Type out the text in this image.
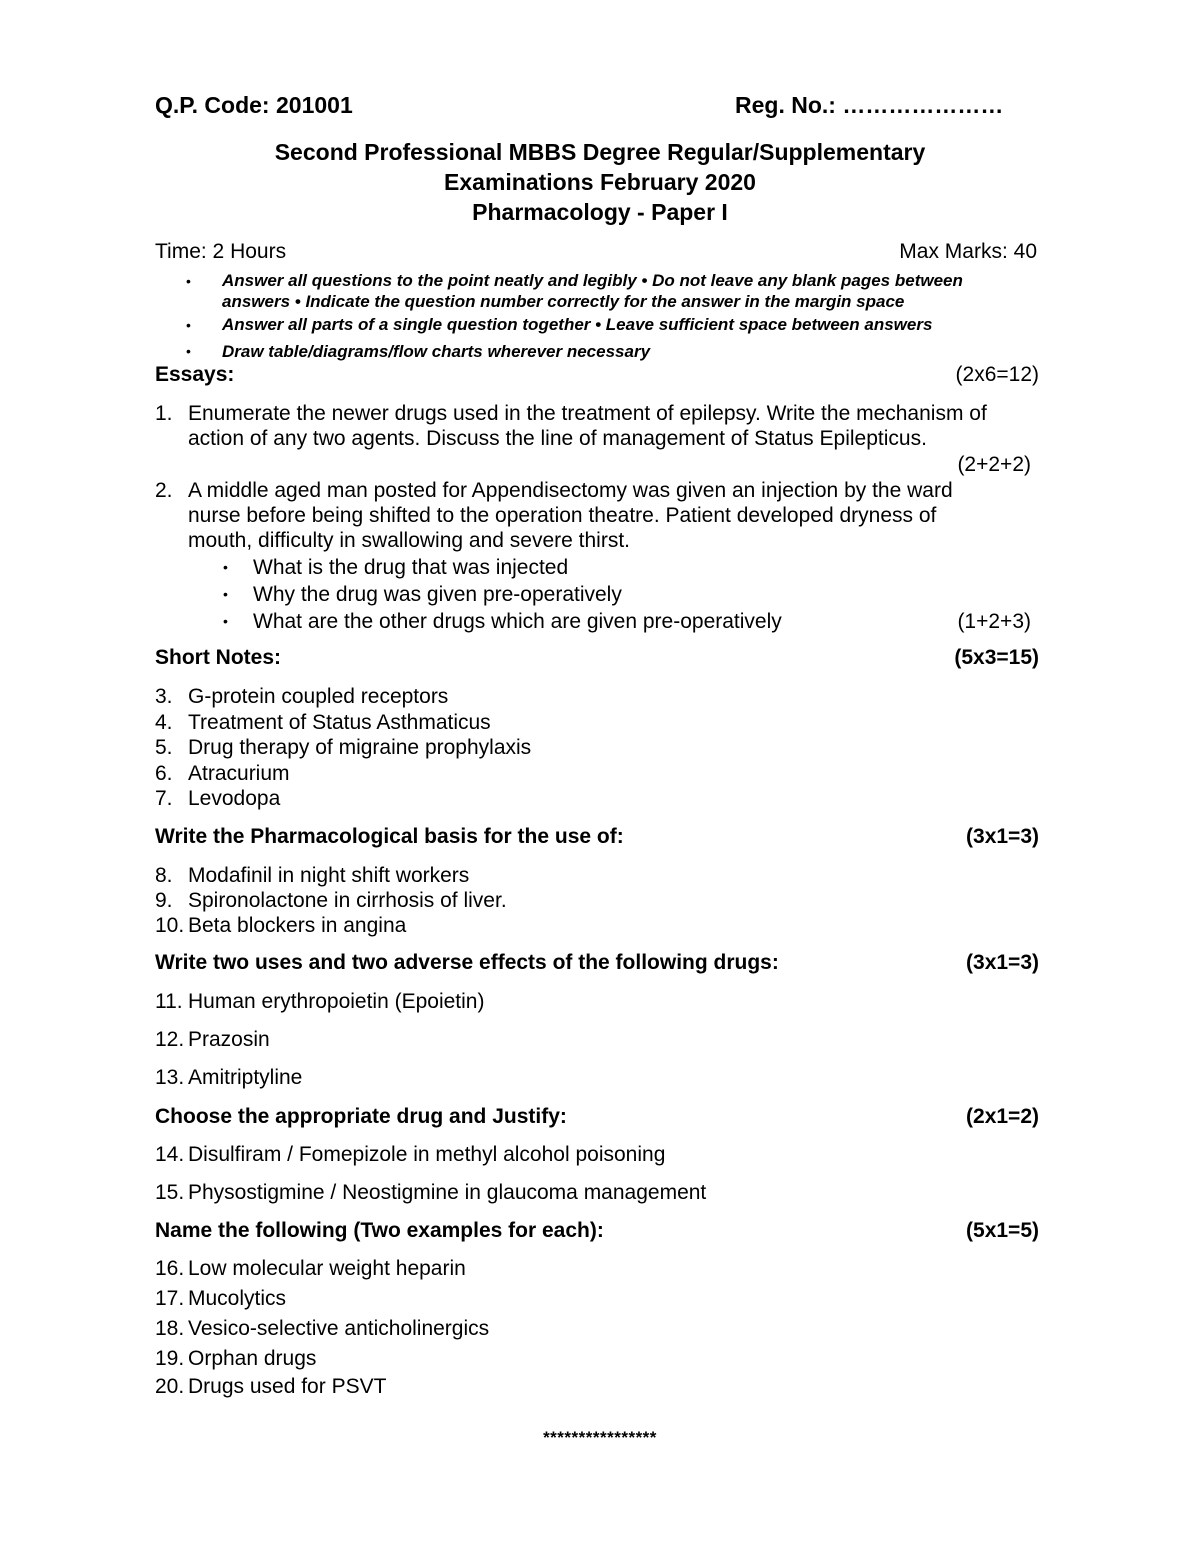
Q.P. Code: 201001	Reg. No.: …………………
Second Professional MBBS Degree Regular/Supplementary
Examinations February 2020
Pharmacology - Paper I
Time: 2 Hours	Max Marks: 40
• Answer all questions to the point neatly and legibly • Do not leave any blank pages between
answers • Indicate the question number correctly for the answer in the margin space
• Answer all parts of a single question together • Leave sufficient space between answers
• Draw table/diagrams/flow charts wherever necessary
Essays:	(2x6=12)
1. Enumerate the newer drugs used in the treatment of epilepsy. Write the mechanism of
action of any two agents. Discuss the line of management of Status Epilepticus.
(2+2+2)
2. A middle aged man posted for Appendisectomy was given an injection by the ward
nurse before being shifted to the operation theatre. Patient developed dryness of
mouth, difficulty in swallowing and severe thirst.
• What is the drug that was injected
• Why the drug was given pre-operatively
• What are the other drugs which are given pre-operatively	(1+2+3)
Short Notes:	(5x3=15)
3. G-protein coupled receptors
4. Treatment of Status Asthmaticus
5. Drug therapy of migraine prophylaxis
6. Atracurium
7. Levodopa
Write the Pharmacological basis for the use of:	(3x1=3)
8. Modafinil in night shift workers
9. Spironolactone in cirrhosis of liver.
10. Beta blockers in angina
Write two uses and two adverse effects of the following drugs:	(3x1=3)
11. Human erythropoietin (Epoietin)
12. Prazosin
13. Amitriptyline
Choose the appropriate drug and Justify:	(2x1=2)
14. Disulfiram / Fomepizole in methyl alcohol poisoning
15. Physostigmine / Neostigmine in glaucoma management
Name the following (Two examples for each):	(5x1=5)
16. Low molecular weight heparin
17. Mucolytics
18. Vesico-selective anticholinergics
19. Orphan drugs
20. Drugs used for PSVT
****************
